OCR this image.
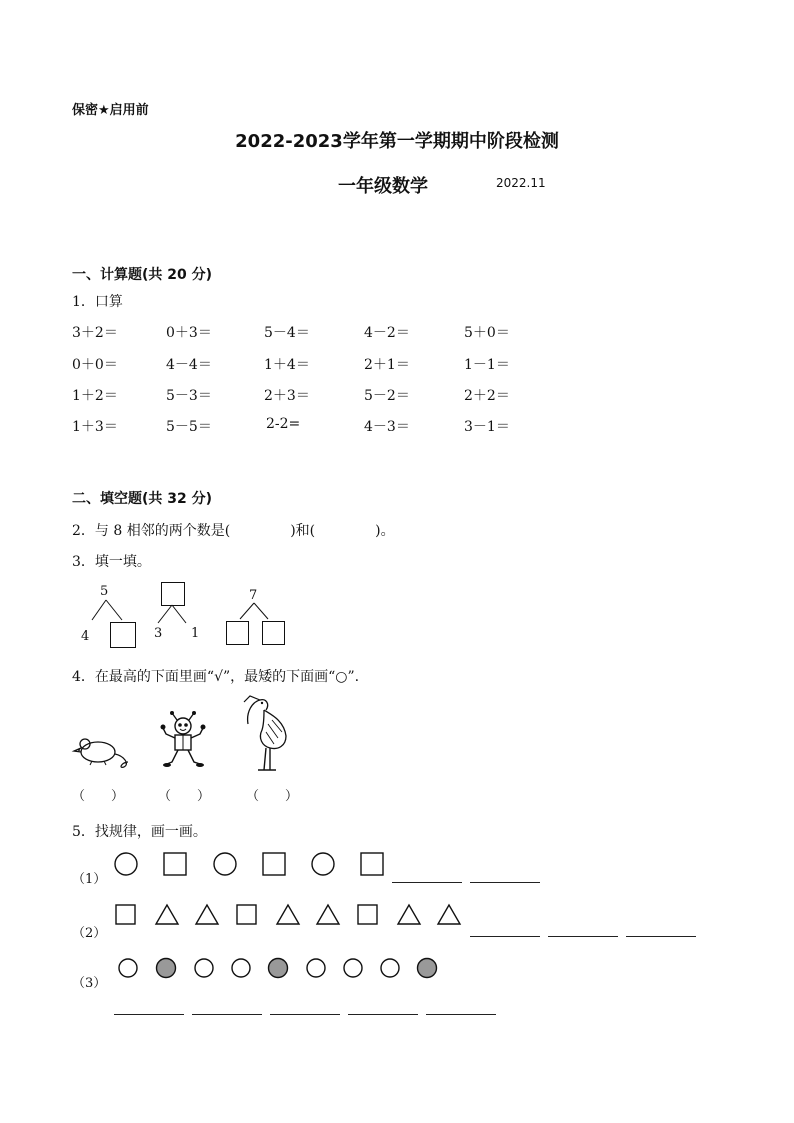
保密★启用前
2022-2023学年第一学期期中阶段检测
一年级数学	2022.11
一、计算题(共 20 分)
1．口算
3＋2＝	0＋3＝	5－4＝	4－2＝	5＋0＝
0＋0＝	4－4＝	1＋4＝	2＋1＝	1－1＝
1＋2＝	5－3＝	2＋3＝	5－2＝	2＋2＝
1＋3＝	5－5＝	2-2=	4－3＝	3－1＝
二、填空题(共 32 分)
2．与 8 相邻的两个数是(	)和(	)。
3．填一填。
5
4	3 1
7
4．在最高的下面里画“√”，最矮的下面画“○”.
（　　）	（　　）	（　　）
5．找规律，画一画。
（1）
（2）
（3）
